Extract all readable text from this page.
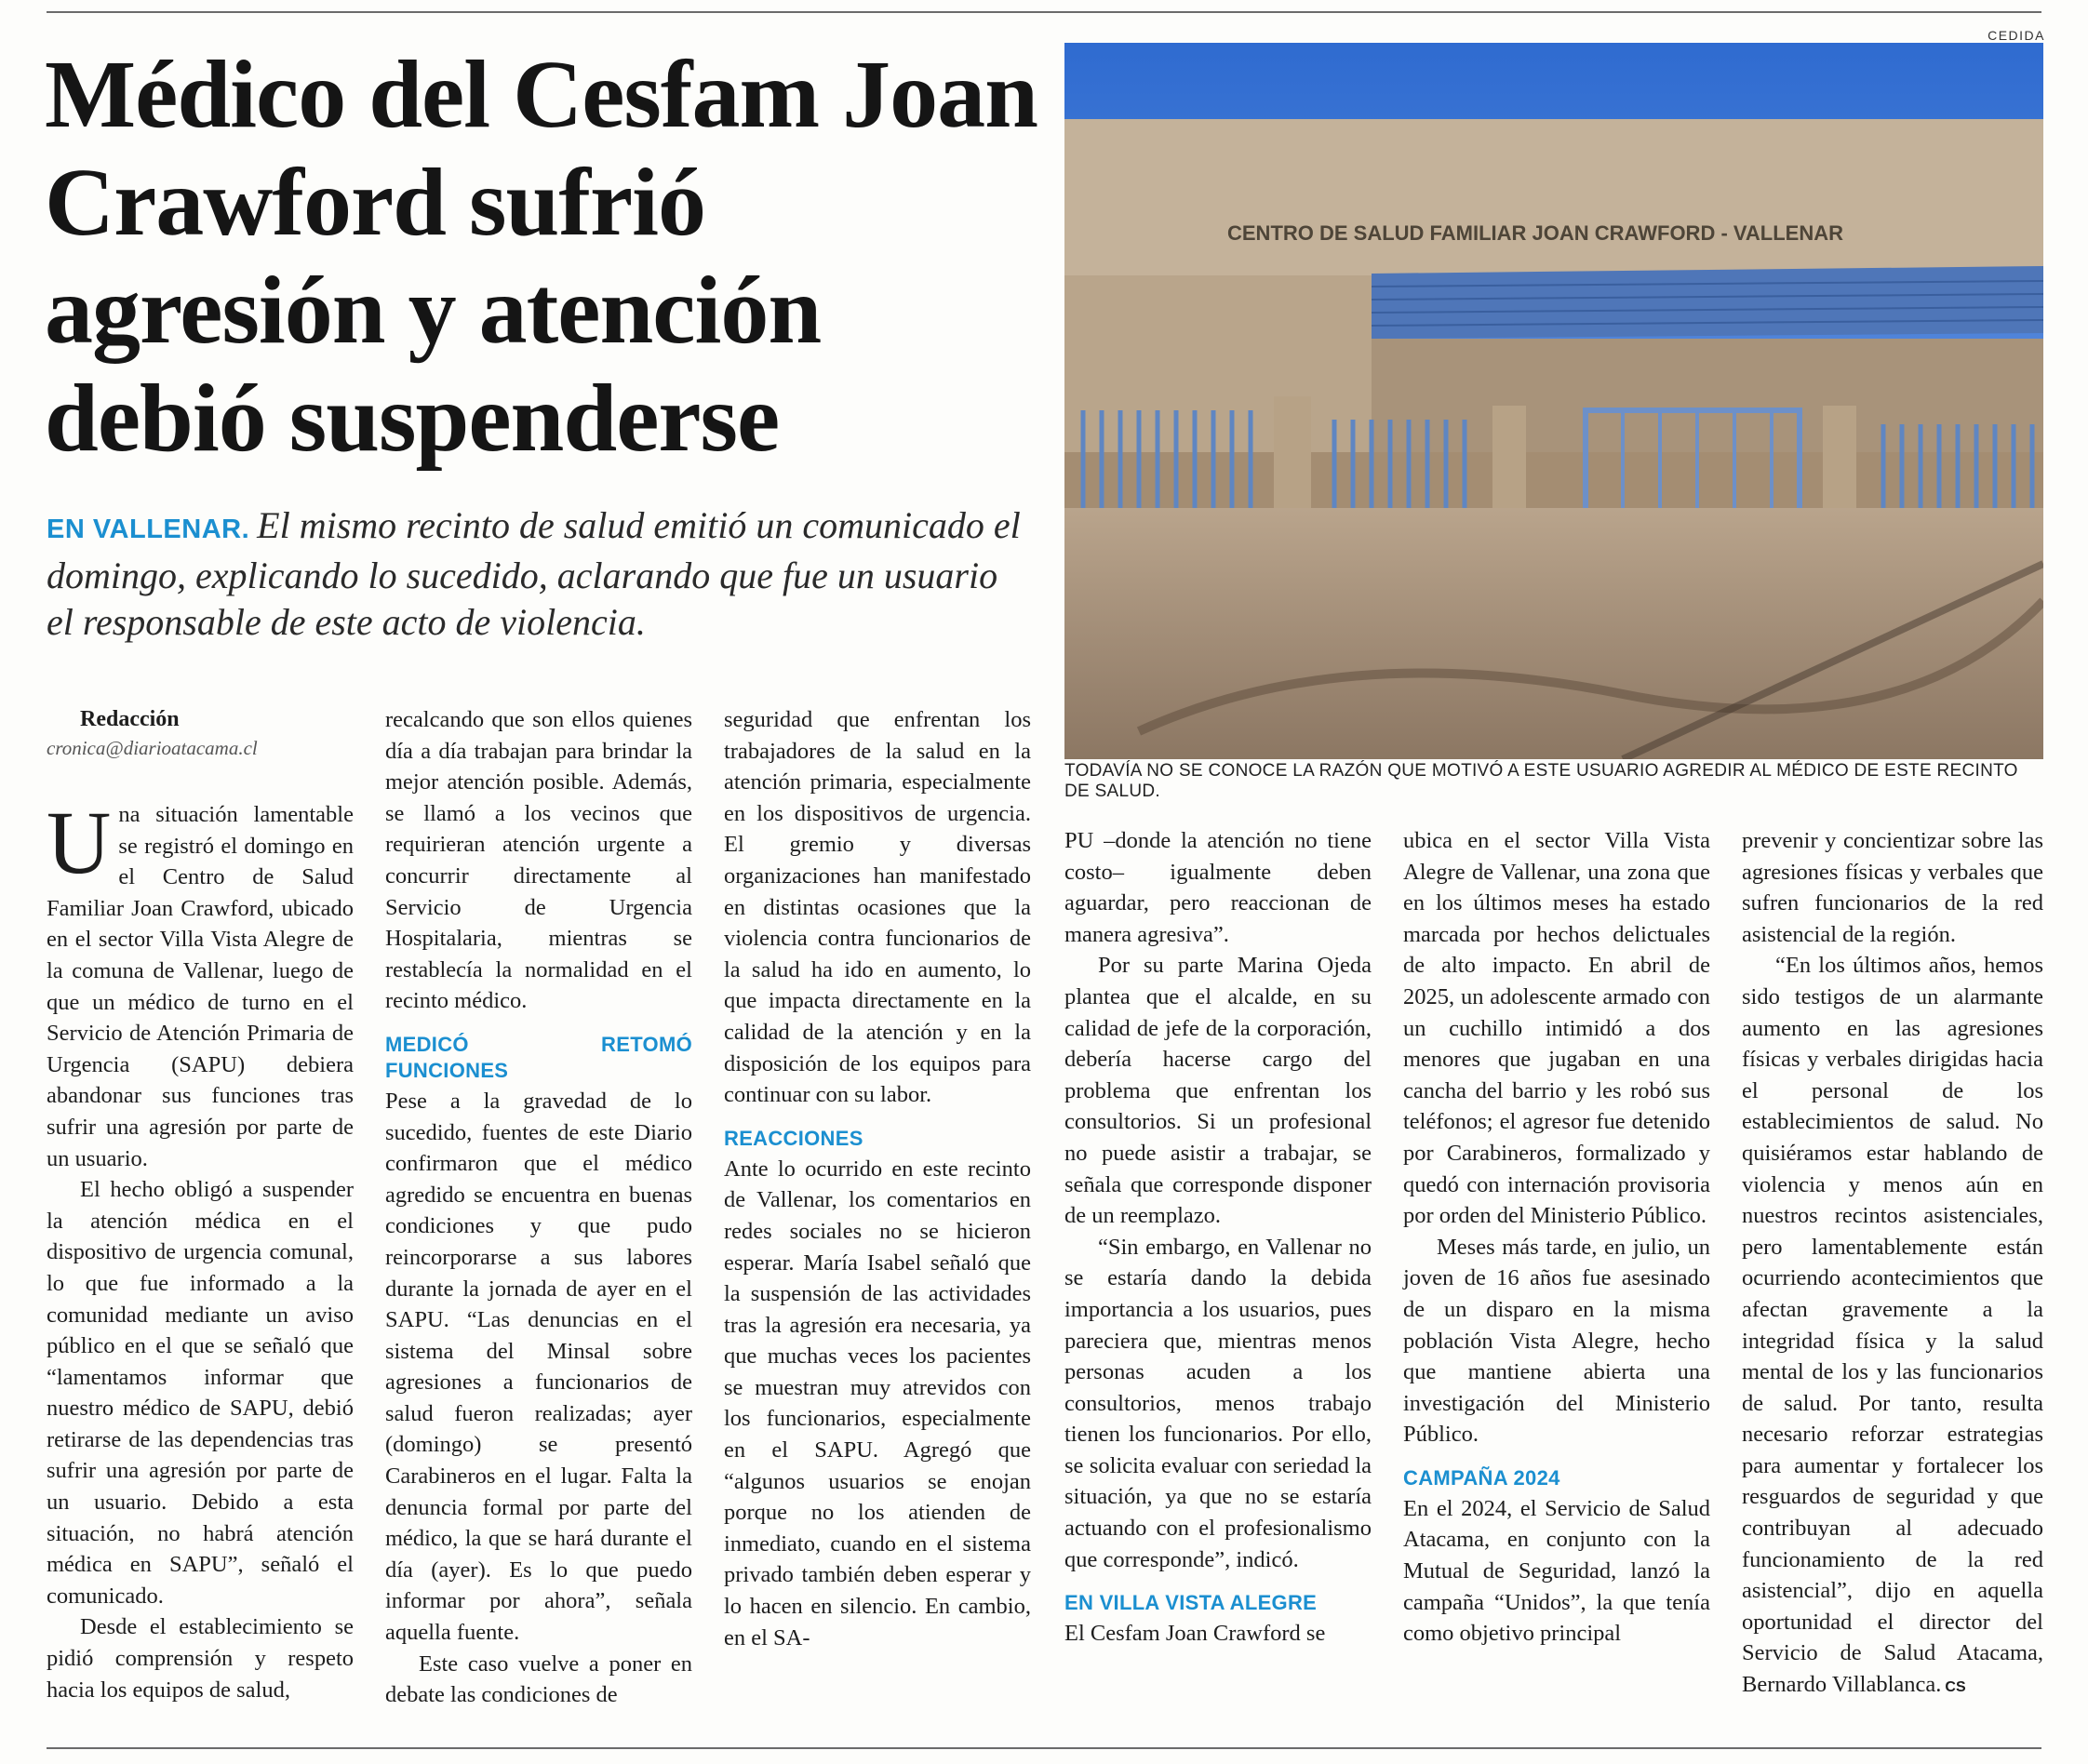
Médico del Cesfam Joan Crawford sufrió agresión y atención debió suspenderse

EN VALLENAR. El mismo recinto de salud emitió un comunicado el domingo, explicando lo sucedido, aclarando que fue un usuario el responsable de este acto de violencia.

CEDIDA
CENTRO DE SALUD FAMILIAR JOAN CRAWFORD - VALLENAR

TODAVÍA NO SE CONOCE LA RAZÓN QUE MOTIVÓ A ESTE USUARIO AGREDIR AL MÉDICO DE ESTE RECINTO DE SALUD.

Redacción

cronica@diarioatacama.cl

Una situación lamentable se registró el domingo en el Centro de Salud Familiar Joan Crawford, ubicado en el sector Villa Vista Alegre de la comuna de Vallenar, luego de que un médico de turno en el Servicio de Atención Primaria de Urgencia (SAPU) debiera abandonar sus funciones tras sufrir una agresión por parte de un usuario.

El hecho obligó a suspender la atención médica en el dispositivo de urgencia comunal, lo que fue informado a la comunidad mediante un aviso público en el que se señaló que “lamentamos informar que nuestro médico de SAPU, debió retirarse de las dependencias tras sufrir una agresión por parte de un usuario. Debido a esta situación, no habrá atención médica en SAPU”, señaló el comunicado.

Desde el establecimiento se pidió comprensión y respeto hacia los equipos de salud,

recalcando que son ellos quienes día a día trabajan para brindar la mejor atención posible. Además, se llamó a los vecinos que requirieran atención urgente a concurrir directamente al Servicio de Urgencia Hospitalaria, mientras se restablecía la normalidad en el recinto médico.

MEDICÓ RETOMÓ FUNCIONES

Pese a la gravedad de lo sucedido, fuentes de este Diario confirmaron que el médico agredido se encuentra en buenas condiciones y que pudo reincorporarse a sus labores durante la jornada de ayer en el SAPU. “Las denuncias en el sistema del Minsal sobre agresiones a funcionarios de salud fueron realizadas; ayer (domingo) se presentó Carabineros en el lugar. Falta la denuncia formal por parte del médico, la que se hará durante el día (ayer). Es lo que puedo informar por ahora”, señala aquella fuente.

Este caso vuelve a poner en debate las condiciones de

seguridad que enfrentan los trabajadores de la salud en la atención primaria, especialmente en los dispositivos de urgencia. El gremio y diversas organizaciones han manifestado en distintas ocasiones que la violencia contra funcionarios de la salud ha ido en aumento, lo que impacta directamente en la calidad de la atención y en la disposición de los equipos para continuar con su labor.

REACCIONES

Ante lo ocurrido en este recinto de Vallenar, los comentarios en redes sociales no se hicieron esperar. María Isabel señaló que la suspensión de las actividades tras la agresión era necesaria, ya que muchas veces los pacientes se muestran muy atrevidos con los funcionarios, especialmente en el SAPU. Agregó que “algunos usuarios se enojan porque no los atienden de inmediato, cuando en el sistema privado también deben esperar y lo hacen en silencio. En cambio, en el SA-

PU –donde la atención no tiene costo– igualmente deben aguardar, pero reaccionan de manera agresiva”.

Por su parte Marina Ojeda plantea que el alcalde, en su calidad de jefe de la corporación, debería hacerse cargo del problema que enfrentan los consultorios. Si un profesional no puede asistir a trabajar, se señala que corresponde disponer de un reemplazo.

“Sin embargo, en Vallenar no se estaría dando la debida importancia a los usuarios, pues pareciera que, mientras menos personas acuden a los consultorios, menos trabajo tienen los funcionarios. Por ello, se solicita evaluar con seriedad la situación, ya que no se estaría actuando con el profesionalismo que corresponde”, indicó.

EN VILLA VISTA ALEGRE

El Cesfam Joan Crawford se

ubica en el sector Villa Vista Alegre de Vallenar, una zona que en los últimos meses ha estado marcada por hechos delictuales de alto impacto. En abril de 2025, un adolescente armado con un cuchillo intimidó a dos menores que jugaban en una cancha del barrio y les robó sus teléfonos; el agresor fue detenido por Carabineros, formalizado y quedó con internación provisoria por orden del Ministerio Público.

Meses más tarde, en julio, un joven de 16 años fue asesinado de un disparo en la misma población Vista Alegre, hecho que mantiene abierta una investigación del Ministerio Público.

CAMPAÑA 2024

En el 2024, el Servicio de Salud Atacama, en conjunto con la Mutual de Seguridad, lanzó la campaña “Unidos”, la que tenía como objetivo principal

prevenir y concientizar sobre las agresiones físicas y verbales que sufren funcionarios de la red asistencial de la región.

“En los últimos años, hemos sido testigos de un alarmante aumento en las agresiones físicas y verbales dirigidas hacia el personal de los establecimientos de salud. No quisiéramos estar hablando de violencia y menos aún en nuestros recintos asistenciales, pero lamentablemente están ocurriendo acontecimientos que afectan gravemente a la integridad física y la salud mental de los y las funcionarios de salud. Por tanto, resulta necesario reforzar estrategias para aumentar y fortalecer los resguardos de seguridad y que contribuyan al adecuado funcionamiento de la red asistencial”, dijo en aquella oportunidad el director del Servicio de Salud Atacama, Bernardo Villablanca. CS
